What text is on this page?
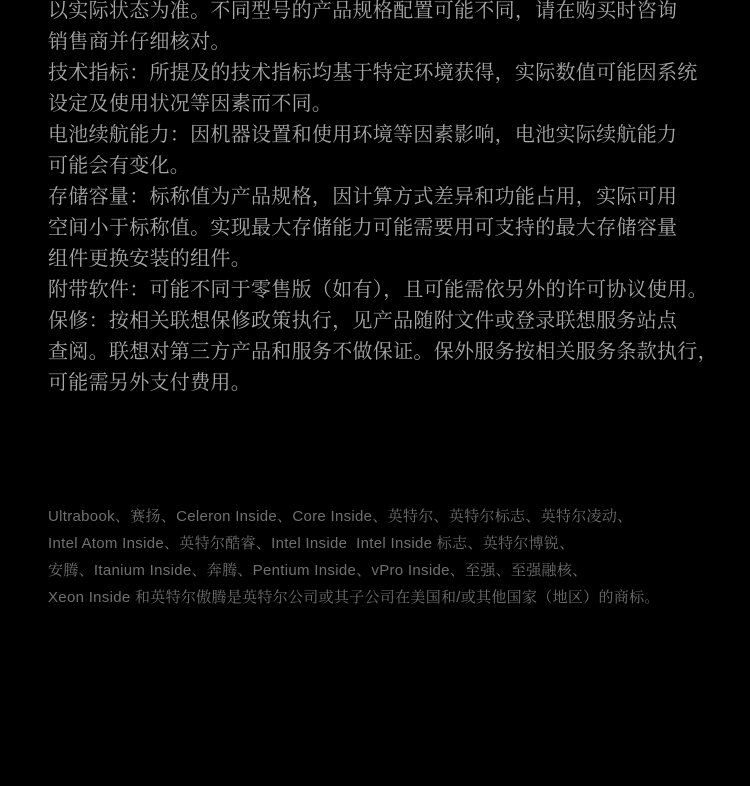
以实际状态为准。不同型号的产品规格配置可能不同，请在购买时咨询
销售商并仔细核对。
技术指标：所提及的技术指标均基于特定环境获得，实际数值可能因系统
设定及使用状况等因素而不同。
电池续航能力：因机器设置和使用环境等因素影响，电池实际续航能力
可能会有变化。
存储容量：标称值为产品规格，因计算方式差异和功能占用，实际可用
空间小于标称值。实现最大存储能力可能需要用可支持的最大存储容量
组件更换安装的组件。
附带软件：可能不同于零售版（如有），且可能需依另外的许可协议使用。
保修：按相关联想保修政策执行，见产品随附文件或登录联想服务站点
查阅。联想对第三方产品和服务不做保证。保外服务按相关服务条款执行，
可能需另外支付费用。
Ultrabook、赛扬、Celeron Inside、Core Inside、英特尔、英特尔标志、英特尔凌动、
Intel Atom Inside、英特尔酷睿、Intel Inside  Intel Inside 标志、英特尔博锐、
安腾、Itanium Inside、奔腾、Pentium Inside、vPro Inside、至强、至强融核、
Xeon Inside 和英特尔傲腾是英特尔公司或其子公司在美国和/或其他国家（地区）的商标。
